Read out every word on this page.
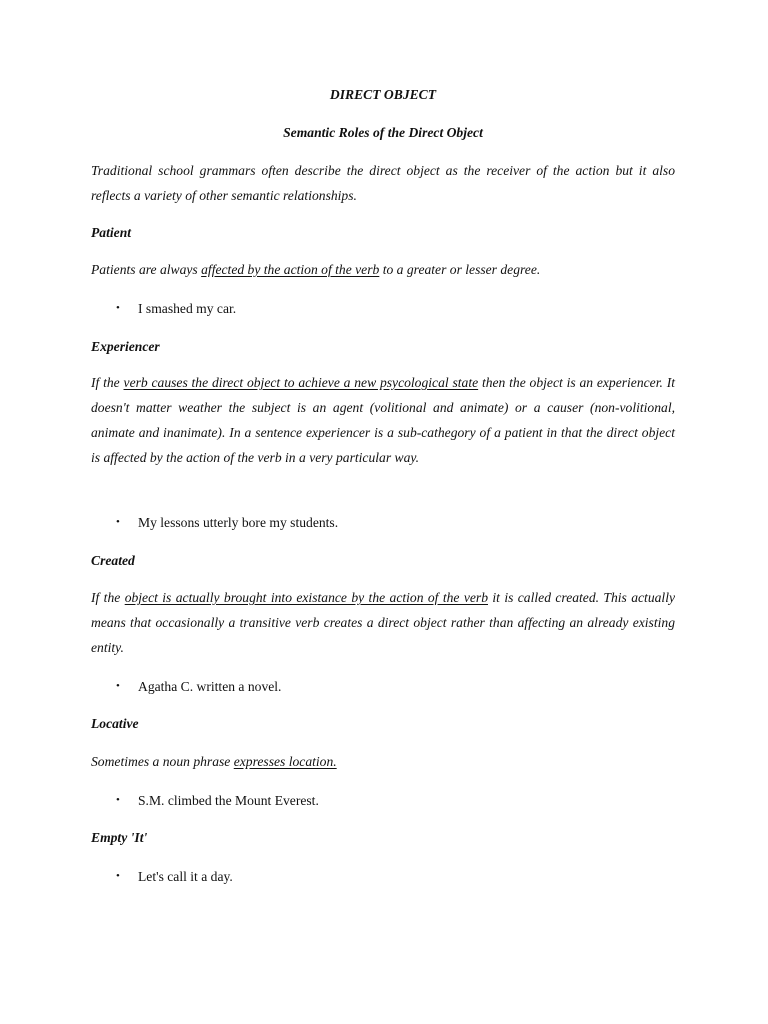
DIRECT OBJECT

Semantic Roles of the Direct Object

Traditional school grammars often describe the direct object as the receiver of the action but it also reflects a variety of other semantic relationships.

Patient

Patients are always affected by the action of the verb to a greater or lesser degree.

• I smashed my car.

Experiencer

If the verb causes the direct object to achieve a new psycological state then the object is an experiencer. It doesn't matter weather the subject is an agent (volitional and animate) or a causer (non-volitional, animate and inanimate). In a sentence experiencer is a sub-cathegory of a patient in that the direct object is affected by the action of the verb in a very particular way.

• My lessons utterly bore my students.

Created

If the object is actually brought into existance by the action of the verb it is called created. This actually means that occasionally a transitive verb creates a direct object rather than affecting an already existing entity.

• Agatha C. written a novel.

Locative

Sometimes a noun phrase expresses location.

• S.M. climbed the Mount Everest.

Empty 'It'

• Let's call it a day.
